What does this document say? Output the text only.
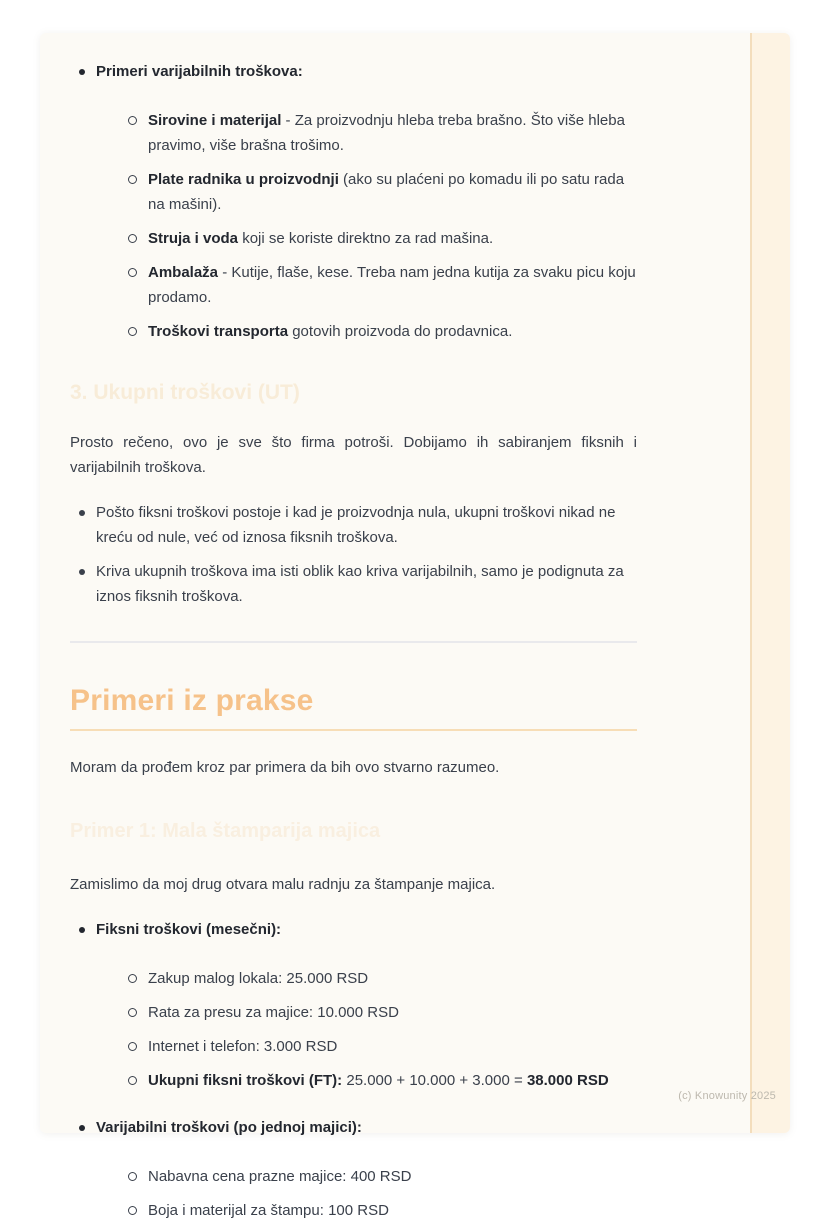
Primeri varijabilnih troškova:
Sirovine i materijal - Za proizvodnju hleba treba brašno. Što više hleba pravimo, više brašna trošimo.
Plate radnika u proizvodnji (ako su plaćeni po komadu ili po satu rada na mašini).
Struja i voda koji se koriste direktno za rad mašina.
Ambalaža - Kutije, flaše, kese. Treba nam jedna kutija za svaku picu koju prodamo.
Troškovi transporta gotovih proizvoda do prodavnica.
3. Ukupni troškovi (UT)

Prosto rečeno, ovo je sve što firma potroši. Dobijamo ih sabiranjem fiksnih i varijabilnih troškova.

Pošto fiksni troškovi postoje i kad je proizvodnja nula, ukupni troškovi nikad ne kreću od nule, već od iznosa fiksnih troškova.
Kriva ukupnih troškova ima isti oblik kao kriva varijabilnih, samo je podignuta za iznos fiksnih troškova.
Primeri iz prakse

Moram da prođem kroz par primera da bih ovo stvarno razumeo.

Primer 1: Mala štamparija majica

Zamislimo da moj drug otvara malu radnju za štampanje majica.

Fiksni troškovi (mesečni):
Zakup malog lokala: 25.000 RSD
Rata za presu za majice: 10.000 RSD
Internet i telefon: 3.000 RSD
Ukupni fiksni troškovi (FT): 25.000 + 10.000 + 3.000 = 38.000 RSD
Varijabilni troškovi (po jednoj majici):
Nabavna cena prazne majice: 400 RSD
Boja i materijal za štampu: 100 RSD
(c) Knowunity 2025
